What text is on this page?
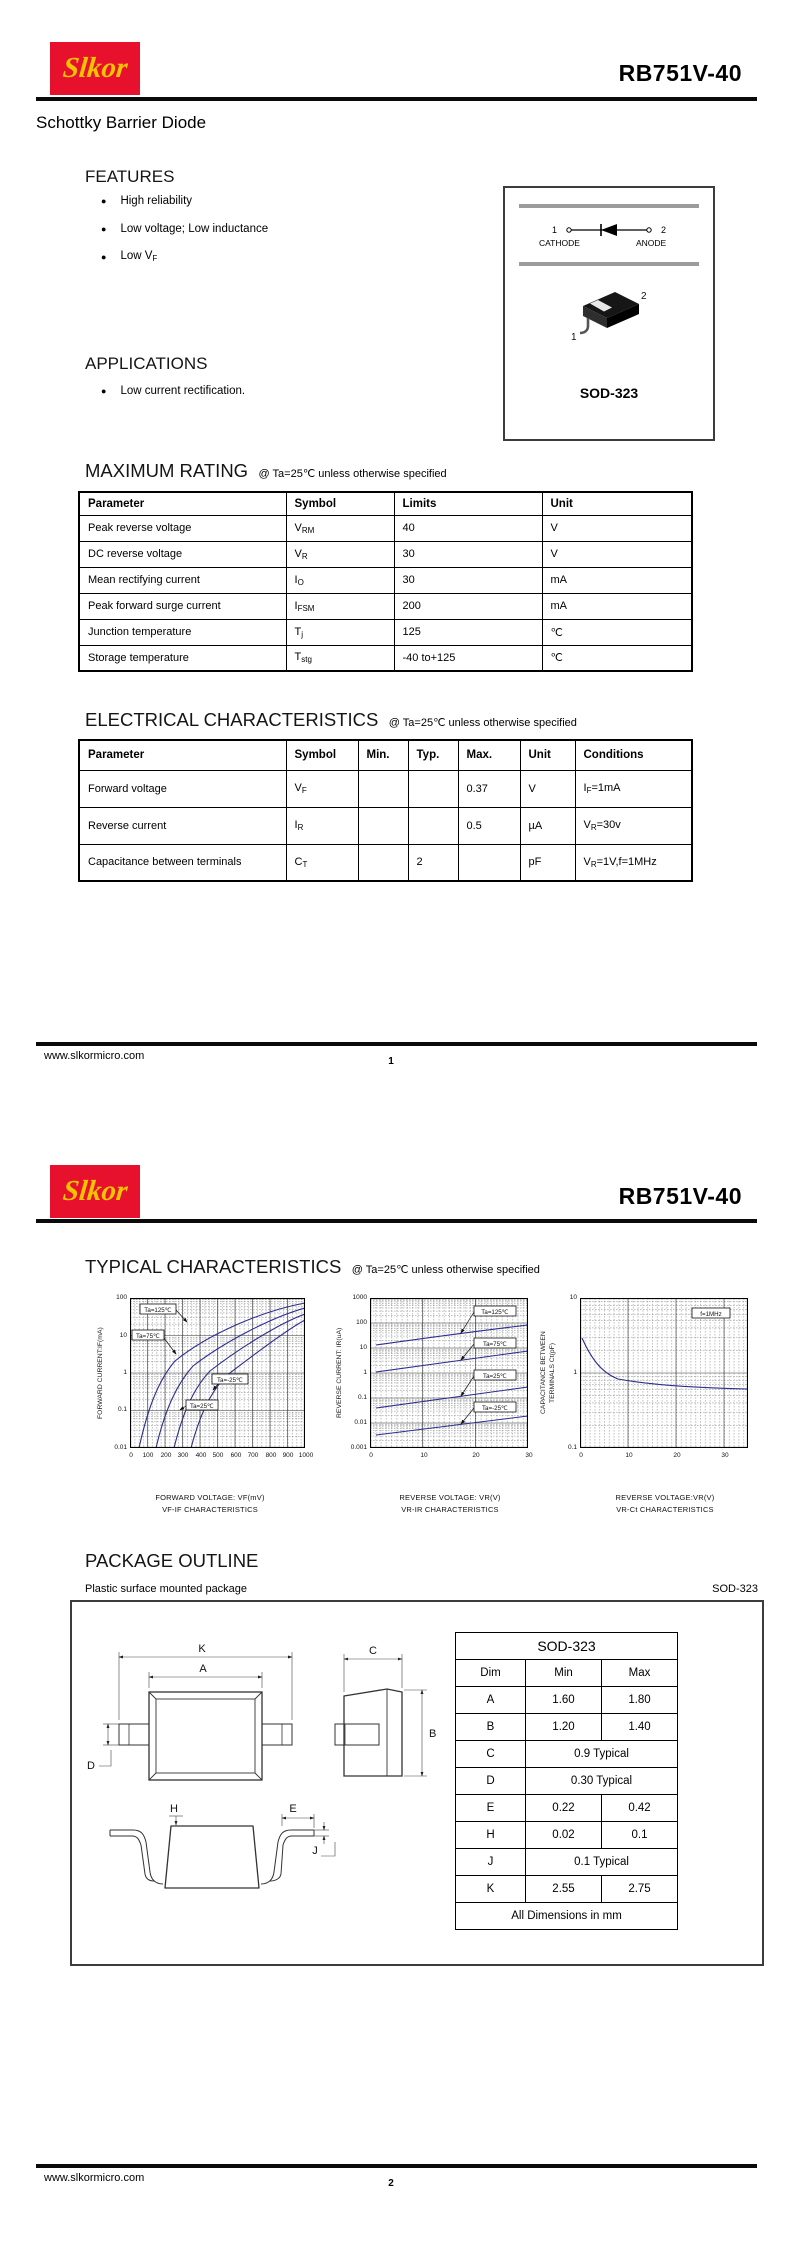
Slkor	RB751V-40
Schottky Barrier Diode
FEATURES
● High reliability
● Low voltage; Low inductance
● Low VF
1	2
CATHODE	ANODE
2
1
SOD-323
APPLICATIONS
● Low current rectification.
MAXIMUM RATING @ Ta=25℃ unless otherwise specified
Parameter	Symbol	Limits	Unit
Peak reverse voltage	VRM	40	V
DC reverse voltage	VR	30	V
Mean rectifying current	IO	30	mA
Peak forward surge current	IFSM	200	mA
Junction temperature	Tj	125	℃
Storage temperature	Tstg	-40 to+125	℃
ELECTRICAL CHARACTERISTICS @ Ta=25℃ unless otherwise specified
Parameter	Symbol	Min.	Typ.	Max.	Unit	Conditions
Forward voltage	VF			0.37	V	IF=1mA
Reverse current	IR			0.5	µA	VR=30v
Capacitance between terminals	CT		2		pF	VR=1V,f=1MHz
www.slkormicro.com	1
Slkor	RB751V-40
TYPICAL CHARACTERISTICS @ Ta=25℃ unless otherwise specified
FORWARD CURRENT:IF(mA)
100
10
1
0.1
0.01
Ta=125℃
Ta=75℃
Ta=-25℃
Ta=25℃
0	100	200 300	400 500	600 700	800 900 1000
FORWARD VOLTAGE: VF(mV)
VF-IF CHARACTERISTICS
REVERSE CURRENT: IR(uA)
1000
100
10
1
0.1
0.01
0.001
Ta=125℃
Ta=75℃
Ta=25℃
Ta=-25℃
0	10	20	30
REVERSE VOLTAGE: VR(V)
VR-IR CHARACTERISTICS
CAPACITANCE BETWEEN TERMINALS Ct(pF)
10
1
0.1
f=1MHz
0	10	20	30
REVERSE VOLTAGE:VR(V)
VR-Ct CHARACTERISTICS
PACKAGE OUTLINE
Plastic surface mounted package	SOD-323
K
A
D
C
B
H	E
J
SOD-323		
Dim	Min	Max
A	1.60	1.80
B	1.20	1.40
C	0.9 Typical	
D	0.30 Typical	
E	0.22	0.42
H	0.02	0.1
J	0.1 Typical	
K	2.55	2.75
All Dimensions in mm		
www.slkormicro.com	2
